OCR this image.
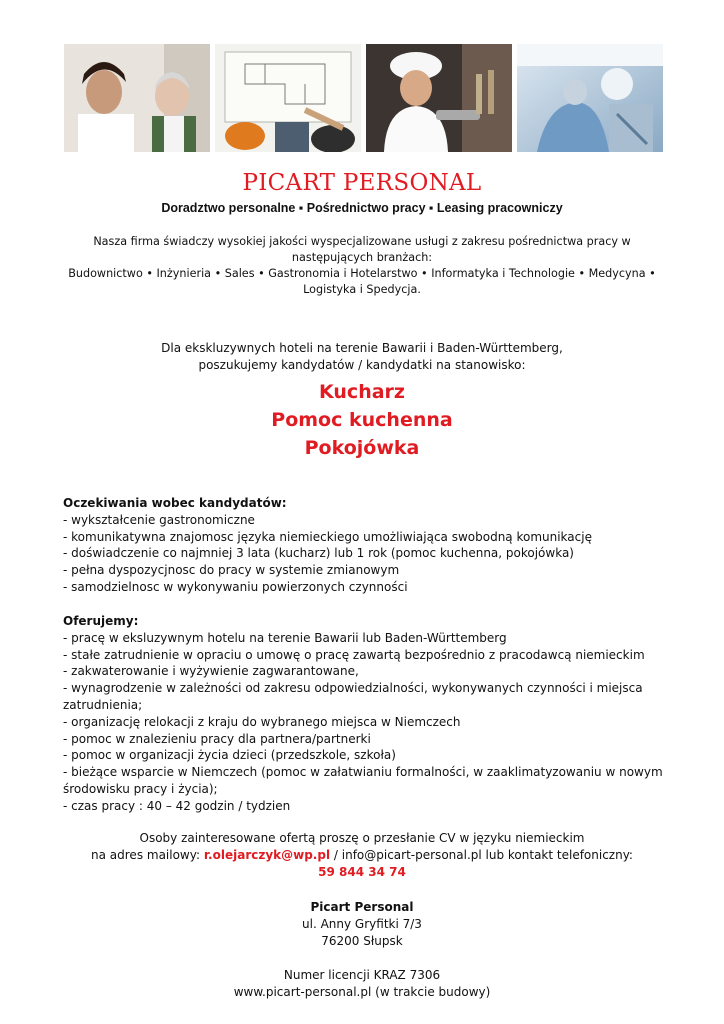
PICART PERSONAL
Doradztwo personalne ▪ Pośrednictwo pracy ▪ Leasing pracowniczy

Nasza firma świadczy wysokiej jakości wyspecjalizowane usługi z zakresu pośrednictwa pracy w

następujących branżach:

Budownictwo • Inżynieria • Sales • Gastronomia i Hotelarstwo • Informatyka i Technologie • Medycyna •

Logistyka i Spedycja.

Dla ekskluzywnych hoteli na terenie Bawarii i Baden-Württemberg,

poszukujemy kandydatów / kandydatki na stanowisko:

Kucharz
Pomoc kuchenna
Pokojówka
Oczekiwania wobec kandydatów:
- wykształcenie gastronomiczne
- komunikatywna znajomosc języka niemieckiego umożliwiająca swobodną komunikację
- doświadczenie co najmniej 3 lata (kucharz) lub 1 rok (pomoc kuchenna, pokojówka)
- pełna dyspozycjnosc do pracy w systemie zmianowym
- samodzielnosc w wykonywaniu powierzonych czynności
Oferujemy:
- pracę w eksluzywnym hotelu na terenie Bawarii lub Baden-Württemberg
- stałe zatrudnienie w opraciu o umowę o pracę zawartą bezpośrednio z pracodawcą niemieckim
- zakwaterowanie i wyżywienie zagwarantowane,
- wynagrodzenie w zależności od zakresu odpowiedzialności, wykonywanych czynności i miejsca zatrudnienia;
- organizację relokacji z kraju do wybranego miejsca w Niemczech
- pomoc w znalezieniu pracy dla partnera/partnerki
- pomoc w organizacji życia dzieci (przedszkole, szkoła)
- bieżące wsparcie w Niemczech (pomoc w załatwianiu formalności, w zaaklimatyzowaniu w nowym środowisku pracy i życia);
- czas pracy : 40 – 42 godzin / tydzien

Osoby zainteresowane ofertą proszę o przesłanie CV w języku niemieckim

na adres mailowy: r.olejarczyk@wp.pl / info@picart-personal.pl lub kontakt telefoniczny:

59 844 34 74

Picart Personal

ul. Anny Gryfitki 7/3

76200 Słupsk

Numer licencji KRAZ 7306

www.picart-personal.pl (w trakcie budowy)
